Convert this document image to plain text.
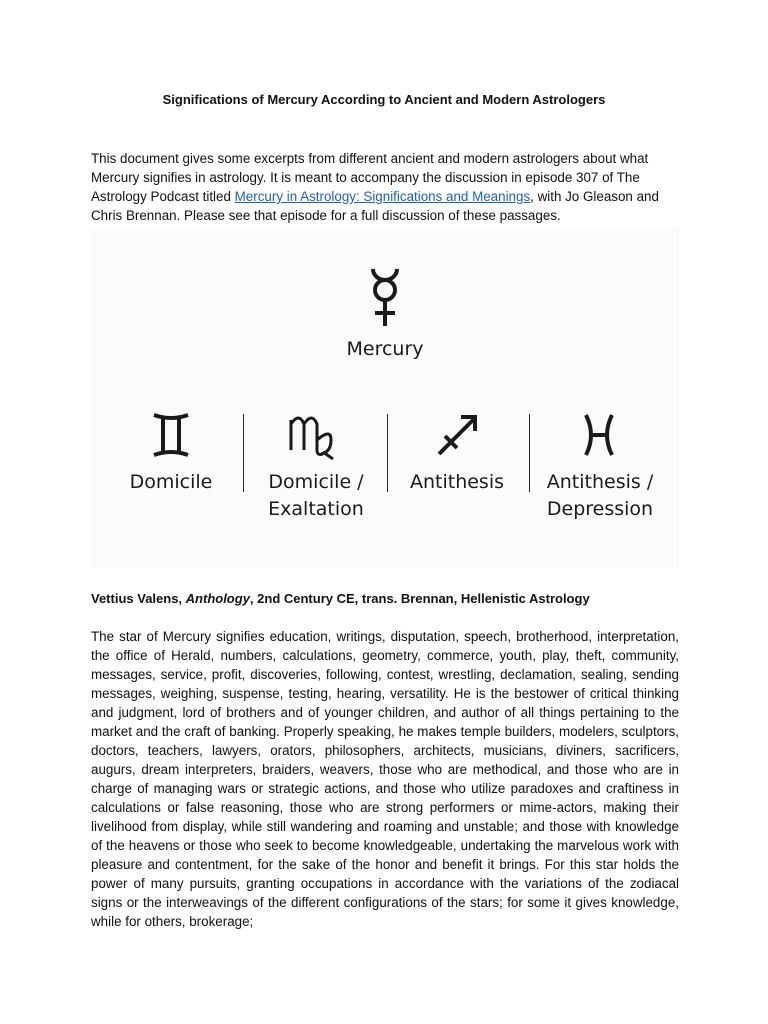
Significations of Mercury According to Ancient and Modern Astrologers
This document gives some excerpts from different ancient and modern astrologers about what Mercury signifies in astrology. It is meant to accompany the discussion in episode 307 of The Astrology Podcast titled Mercury in Astrology: Significations and Meanings, with Jo Gleason and Chris Brennan. Please see that episode for a full discussion of these passages.
Mercury
Domicile	Domicile /
Exaltation
Antithesis	Antithesis /
Depression
Vettius Valens, Anthology, 2nd Century CE, trans. Brennan, Hellenistic Astrology
The star of Mercury signifies education, writings, disputation, speech, brotherhood, interpretation, the office of Herald, numbers, calculations, geometry, commerce, youth, play, theft, community, messages, service, profit, discoveries, following, contest, wrestling, declamation, sealing, sending messages, weighing, suspense, testing, hearing, versatility. He is the bestower of critical thinking and judgment, lord of brothers and of younger children, and author of all things pertaining to the market and the craft of banking. Properly speaking, he makes temple builders, modelers, sculptors, doctors, teachers, lawyers, orators, philosophers, architects, musicians, diviners, sacrificers, augurs, dream interpreters, braiders, weavers, those who are methodical, and those who are in charge of managing wars or strategic actions, and those who utilize paradoxes and craftiness in calculations or false reasoning, those who are strong performers or mime-actors, making their livelihood from display, while still wandering and roaming and unstable; and those with knowledge of the heavens or those who seek to become knowledgeable, undertaking the marvelous work with pleasure and contentment, for the sake of the honor and benefit it brings. For this star holds the power of many pursuits, granting occupations in accordance with the variations of the zodiacal signs or the interweavings of the different configurations of the stars; for some it gives knowledge, while for others, brokerage;
